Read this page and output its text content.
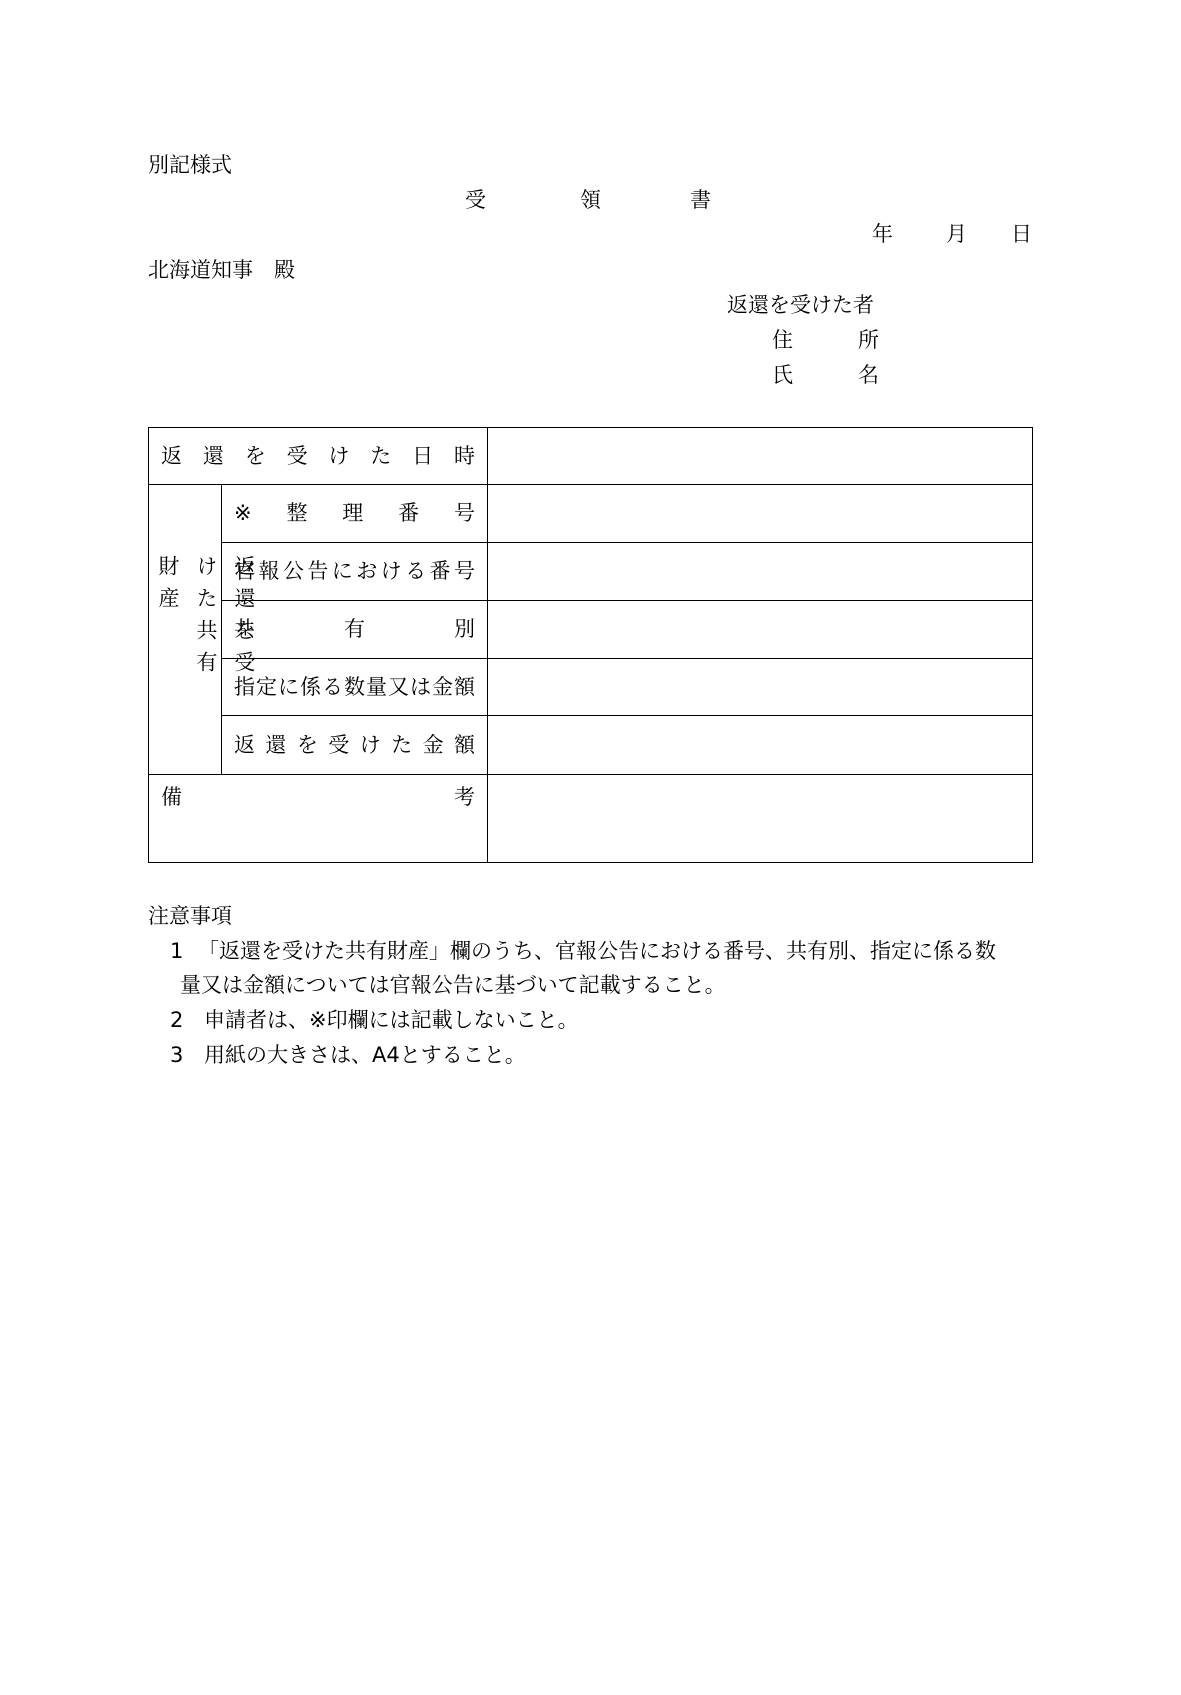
別記様式
受	領	書
年	月 日
北海道知事　殿
返還を受けた者
住	所
氏	名
返還を受けた日時		

返還を受けた共有財産	※整理番号	
	官報公告における番号	
	共有別	
	指定に係る数量又は金額	
	返還を受けた金額	

備 考		

注意事項
1 「返還を受けた共有財産」欄のうち、官報公告における番号、共有別、指定に係る数
量又は金額については官報公告に基づいて記載すること。
2 申請者は、※印欄には記載しないこと。
3 用紙の大きさは、A4とすること。
